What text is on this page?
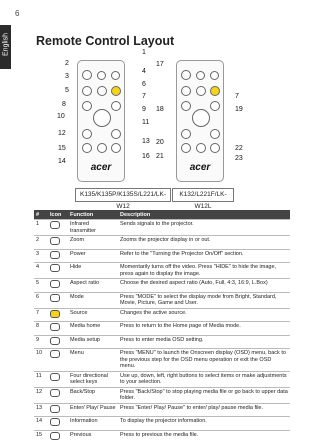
English
6
Remote Control Layout
acer	acer
1
2
3
4
5
6
7
8
9
10
11
12
13
14
15
16
17
18	19
20
21
22
23
7
K135/K135P/K135S/L221/LK-W12
K132/L221F/LK-W12L
#	Icon	Function	Description
1		Infrared transmitter	Sends signals to the projector.
2		Zoom	Zooms the projector display in or out.
3		Power	Refer to the "Turning the Projector On/Off" section.
4		Hide	Momentarily turns off the video. Press "HIDE" to hide the image, press again to display the image.
5		Aspect ratio	Choose the desired aspect ratio (Auto, Full, 4:3, 16:9, L.Box)
6		Mode	Press "MODE" to select the display mode from Bright, Standard, Movie, Picture, Game and User.
7		Source	Changes the active source.
8		Media home	Press to return to the Home page of Media mode.
9		Media setup	Press to enter media OSD setting.
10		Menu	Press "MENU" to launch the Onscreen display (OSD) menu, back to the previous step for the OSD menu operation or exit the OSD menu.
11		Four directional select keys	Use up, down, left, right buttons to select items or make adjustments to your selection.
12		Back/Stop	Press "Back/Stop" to stop playing media file or go back to upper data folder.
13		Enter/ Play/ Pause	Press "Enter/ Play/ Pause" to enter/ play/ pause media file.
14		Information	To display the projector information.
15		Previous	Press to previous the media file.
